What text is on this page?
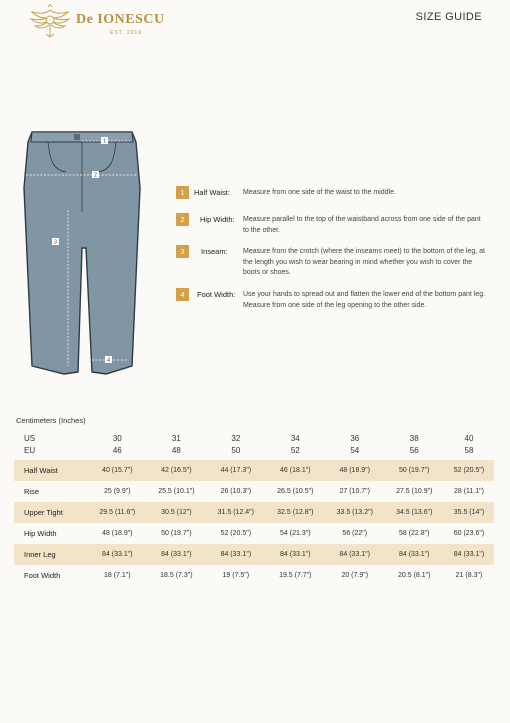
De IONESCU
EST. 2019
SIZE GUIDE
1
2
3
4
1	Half Waist: Measure from one side of the waist to the middle.
2	Hip Width: Measure parallel to the top of the waistband across from one side of the pant to the other.
3	Inseam: Measure from the crotch (where the inseams meet) to the bottom of the leg, at the length you wish to wear bearing in mind whether you wish to cover the boots or shoes.
4	Foot Width: Use your hands to spread out and flatten the lower end of the bottom pant leg. Measure from one side of the leg opening to the other side.
Centimeters (Inches)
US	30	31	32	34	36	38	40
EU	46	48	50	52	54	56	58

Half Waist	40 (15.7")	42 (16.5")	44 (17.3")	46 (18.1")	48 (18.9")	50 (19.7")	52 (20.5")
Rise	25 (9.9")	25.5 (10.1")	26 (10.3")	26.5 (10.5")	27 (10.7")	27.5 (10.9")	28 (11.1")
Upper Tight	29.5 (11.6")	30.5 (12")	31.5 (12.4")	32.5 (12.8")	33.5 (13.2")	34.5 (13.6")	35.5 (14")
Hip Width	48 (18.9")	50 (19.7")	52 (20.5")	54 (21.3")	56 (22")	58 (22.8")	60 (23.6")
Inner Leg	84 (33.1")	84 (33.1")	84 (33.1")	84 (33.1")	84 (33.1")	84 (33.1")	84 (33.1")
Foot Width	18 (7.1")	18.5 (7.3")	19 (7.5")	19.5 (7.7")	20 (7.9")	20.5 (8.1")	21 (8.3")
